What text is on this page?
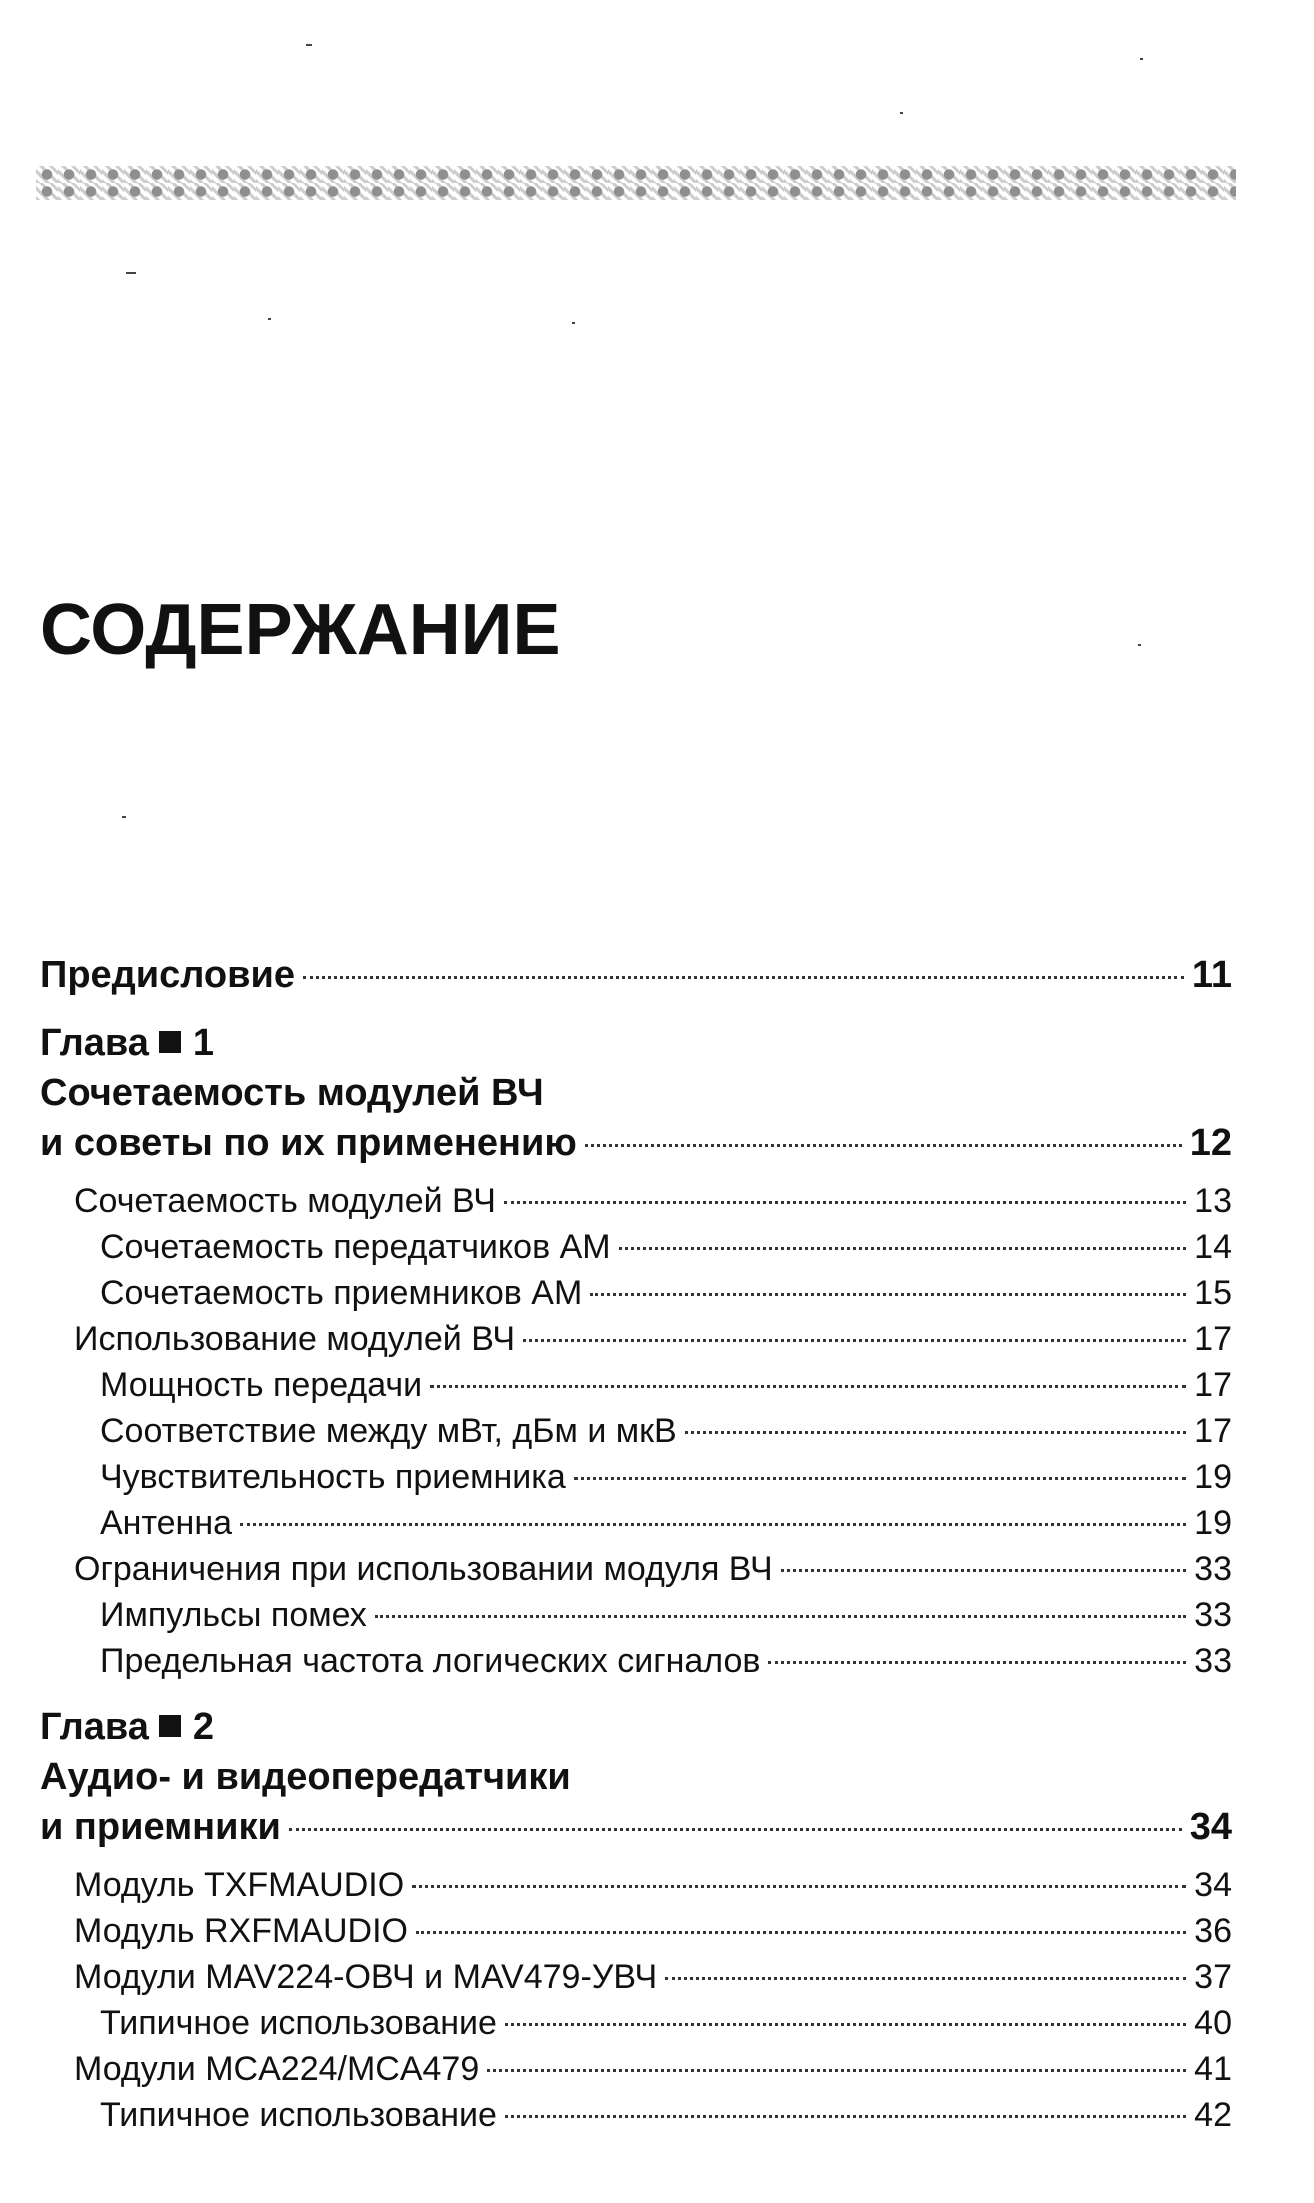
СОДЕРЖАНИЕ
Предисловие	11
Глава 1
Сочетаемость модулей ВЧ
и советы по их применению	12
Сочетаемость модулей ВЧ	13
Сочетаемость передатчиков АМ	14
Сочетаемость приемников АМ	15
Использование модулей ВЧ	17
Мощность передачи	17
Соответствие между мВт, дБм и мкВ	17
Чувствительность приемника	19
Антенна	19
Ограничения при использовании модуля ВЧ	33
Импульсы помех	33
Предельная частота логических сигналов	33
Глава 2
Аудио- и видеопередатчики
и приемники	34
Модуль TXFMAUDIO	34
Модуль RXFMAUDIO	36
Модули MAV224-ОВЧ и MAV479-УВЧ	37
Типичное использование	40
Модули MCA224/MCA479	41
Типичное использование	42
